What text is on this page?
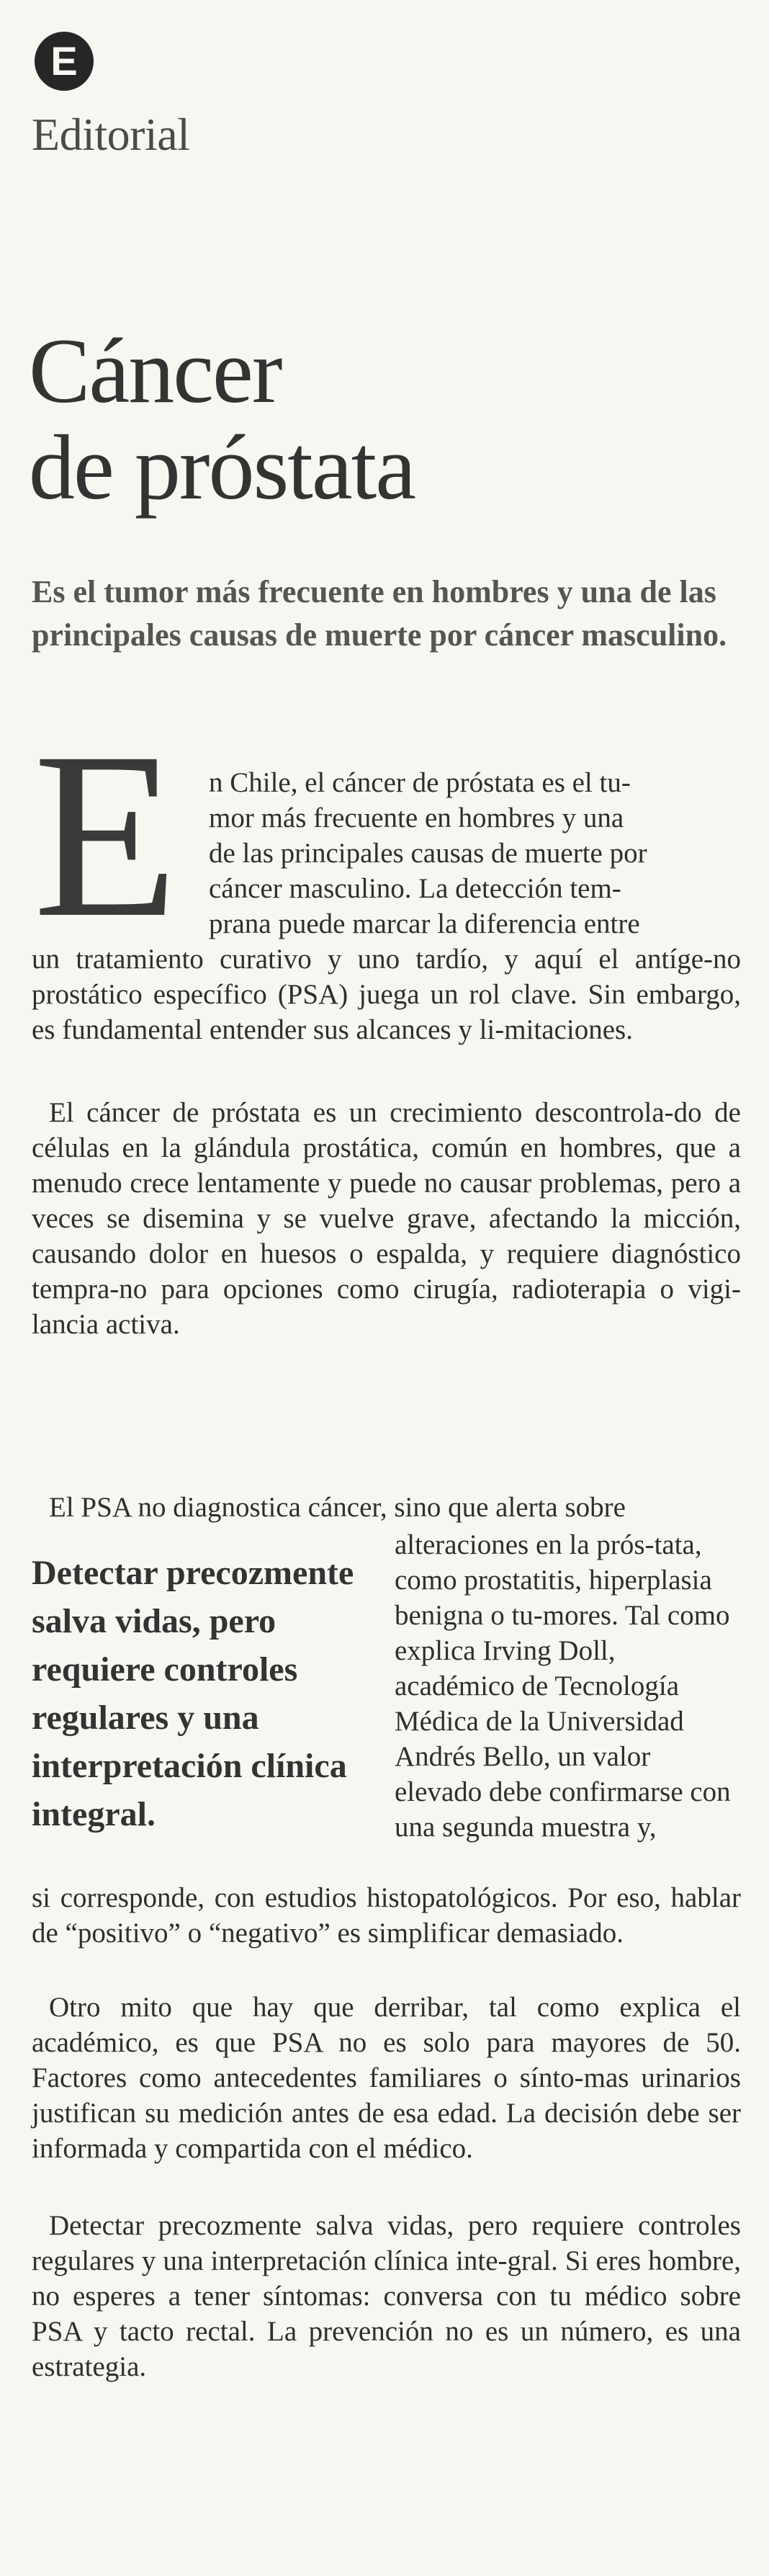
E
Editorial
Cáncer
de próstata

Es el tumor más frecuente en hombres y una de las principales causas de muerte por cáncer masculino.

E n Chile, el cáncer de próstata es el tu-
mor más frecuente en hombres y una
de las principales causas de muerte por
cáncer masculino. La detección tem-
prana puede marcar la diferencia entre

un tratamiento curativo y uno tardío, y aquí el antíge-no prostático específico (PSA) juega un rol clave. Sin embargo, es fundamental entender sus alcances y li-mitaciones.

El cáncer de próstata es un crecimiento descontrola-do de células en la glándula prostática, común en hombres, que a menudo crece lentamente y puede no causar problemas, pero a veces se disemina y se vuelve grave, afectando la micción, causando dolor en huesos o espalda, y requiere diagnóstico tempra-no para opciones como cirugía, radioterapia o vigi-lancia activa.

El PSA no diagnostica cáncer, sino que alerta sobre

Detectar precozmente salva vidas, pero requiere controles regulares y una interpretación clínica integral.

alteraciones en la prós-tata, como prostatitis, hiperplasia benigna o tu-mores. Tal como explica Irving Doll, académico de Tecnología Médica de la Universidad Andrés Bello, un valor elevado debe confirmarse con una segunda muestra y,

si corresponde, con estudios histopatológicos. Por eso, hablar de “positivo” o “negativo” es simplificar demasiado.

Otro mito que hay que derribar, tal como explica el académico, es que PSA no es solo para mayores de 50. Factores como antecedentes familiares o sínto-mas urinarios justifican su medición antes de esa edad. La decisión debe ser informada y compartida con el médico.

Detectar precozmente salva vidas, pero requiere controles regulares y una interpretación clínica inte-gral. Si eres hombre, no esperes a tener síntomas: conversa con tu médico sobre PSA y tacto rectal. La prevención no es un número, es una estrategia.
